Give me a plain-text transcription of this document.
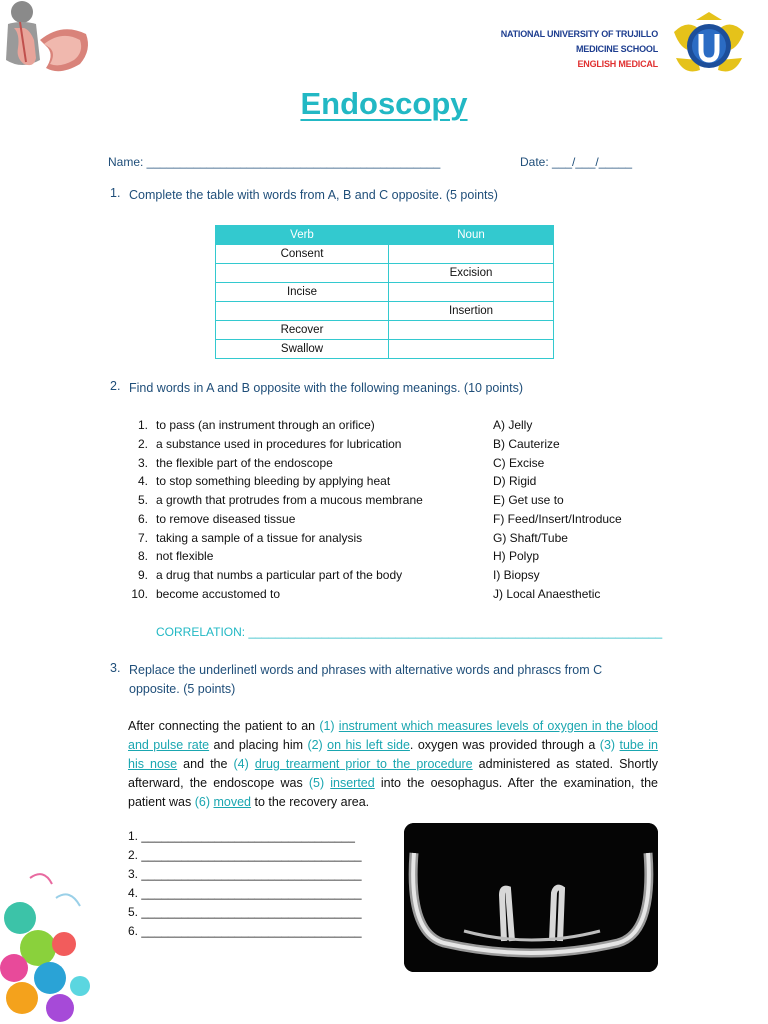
NATIONAL UNIVERSITY OF TRUJILLO
MEDICINE SCHOOL
ENGLISH MEDICAL
Endoscopy
Name: ____________________________________________	Date: ___/___/_____
1. Complete the table with words from A, B and C opposite. (5 points)
Verb	Noun
Consent	
	Excision
Incise	
	Insertion
Recover	
Swallow	
2. Find words in A and B opposite with the following meanings. (10 points)
1. to pass (an instrument through an orifice)	A) Jelly
2. a substance used in procedures for lubrication	B) Cauterize
3. the flexible part of the endoscope	C) Excise
4. to stop something bleeding by applying heat	D) Rigid
5. a growth that protrudes from a mucous membrane	E) Get use to
6. to remove diseased tissue	F) Feed/Insert/Introduce
7. taking a sample of a tissue for analysis	G) Shaft/Tube
8. not flexible	H) Polyp
9. a drug that numbs a particular part of the body	I) Biopsy
10. become accustomed to	J) Local Anaesthetic
CORRELATION: ______________________________________________________________
3. Replace the underlinetl words and phrases with alternative words and phrascs from C
opposite. (5 points)
After connecting the patient to an (1) instrument which measures levels of oxygen in the blood and pulse rate and placing him (2) on his left side. oxygen was provided through a (3) tube in his nose and the (4) drug trearment prior to the procedure administered as stated. Shortly afterward, the endoscope was (5) inserted into the oesophagus. After the examination, the patient was (6) moved to the recovery area.
1. ________________________________
2. _________________________________
3. _________________________________
4. _________________________________
5. _________________________________
6. _________________________________
